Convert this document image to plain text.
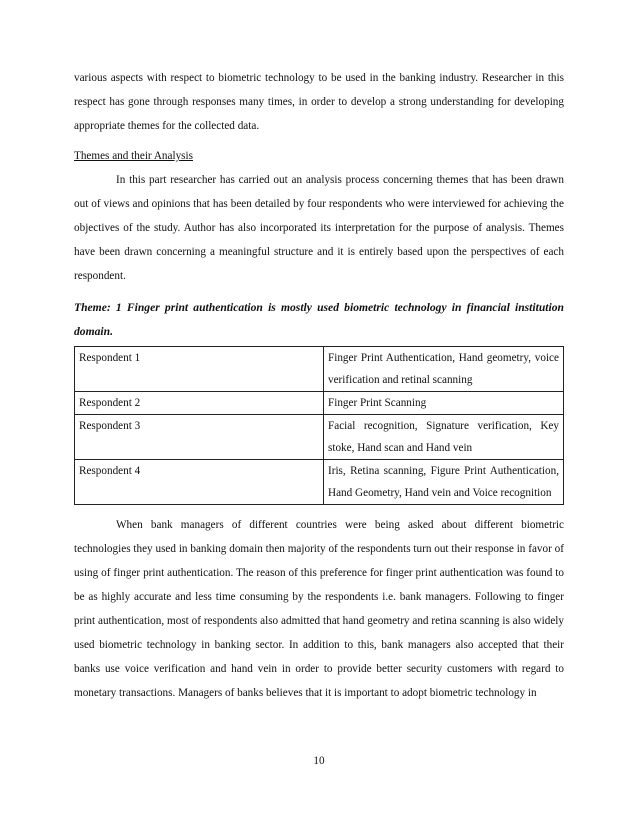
various aspects with respect to biometric technology to be used in the banking industry. Researcher in this respect has gone through responses many times, in order to develop a strong understanding for developing appropriate themes for the collected data.

Themes and their Analysis

In this part researcher has carried out an analysis process concerning themes that has been drawn out of views and opinions that has been detailed by four respondents who were interviewed for achieving the objectives of the study. Author has also incorporated its interpretation for the purpose of analysis. Themes have been drawn concerning a meaningful structure and it is entirely based upon the perspectives of each respondent.

Theme: 1 Finger print authentication is mostly used biometric technology in financial institution domain.
Respondent 1	Finger Print Authentication, Hand geometry, voice verification and retinal scanning
Respondent 2	Finger Print Scanning
Respondent 3	Facial recognition, Signature verification, Key stoke, Hand scan and Hand vein
Respondent 4	Iris, Retina scanning, Figure Print Authentication, Hand Geometry, Hand vein and Voice recognition

When bank managers of different countries were being asked about different biometric technologies they used in banking domain then majority of the respondents turn out their response in favor of using of finger print authentication. The reason of this preference for finger print authentication was found to be as highly accurate and less time consuming by the respondents i.e. bank managers. Following to finger print authentication, most of respondents also admitted that hand geometry and retina scanning is also widely used biometric technology in banking sector. In addition to this, bank managers also accepted that their banks use voice verification and hand vein in order to provide better security customers with regard to monetary transactions. Managers of banks believes that it is important to adopt biometric technology in

10
